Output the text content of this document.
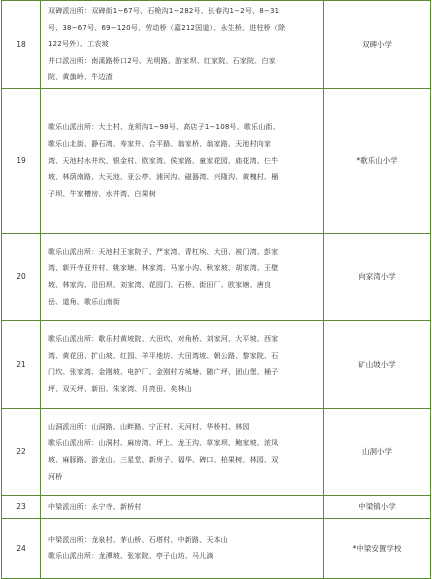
18	双碑派出所：双碑街1−67号、石桅沟1−282号、长春沟1−2号、8−31
号、38−67号、69−120号、劳动桥（嘉212国道）、永生桥、进柱桥（除
122号外）、工农坡
井口派出所：南溪路桥口2号、光明路、游家坝、红家院、石家院、白家
院、黄旗岭、牛边渣	双碑小学
19	歌乐山派出所：大土村、龙须沟1−98号、高店子1−108号、歌乐山街、
歌乐山北街、静石湾、寿家井、合平路、翁家桥、翁家路、天池村向家
湾、天池村水井坎、银金村、欧家湾、侯家路、童家花园、庙花湾、仨牛
坡、林荫南路、大天池、亚公亭、浦河沟、磁器湾、兴隆沟、黄槐村、桶
子坝、牛家槽房、水井湾、白果树	*歌乐山小学
20	歌乐山派出所：天池村王家院子、严家湾、青杠埃、大田、被门湾、彭家
湾、新开寺亚井村、姚家塘、林家湾、马家小沟、秋家坡、胡家湾、王壁
坡、林家沟、沿田坝、刘家湾、花园门、石桥、街田厂、欧家塘、唐良
岳、道角、歌乐山南街	向家湾小学
21	歌乐山派出所：歌乐村黄坡院、大田坎、对角桥、刘家河、大平坡、西家
湾、黄花田、扩山坡、红园、羊平地坊、大田湾坡、朝公路、黎家院、石
门坎、张家湾、金刚坡、电护厂、金刚村方城塘、随广坪、团山堡、桶子
坪、双天坪、新田、朱家湾、月亮田、矣林山	矿山坡小学
22	山洞派出所：山洞路、山畔路、宁正村、天河村、华桥村、林园
歌乐山派出所：山洞村、麻房湾、坪上、龙王沟、草家坝、鲍家坡、浓凤
坡、麻豚路、游龙山、三星堂、新房子、福华、碑口、柏果树、林园、双
河桥	山洞小学
23	中梁派出所：永宁寺、新桥村	中梁镇小学
24	中梁派出所：龙泉村、茅山桥、石塔村、中新路、天本山
歌乐山派出所：龙潭坡、张家院、亭子山坊、马儿滴	*中梁安置学校
